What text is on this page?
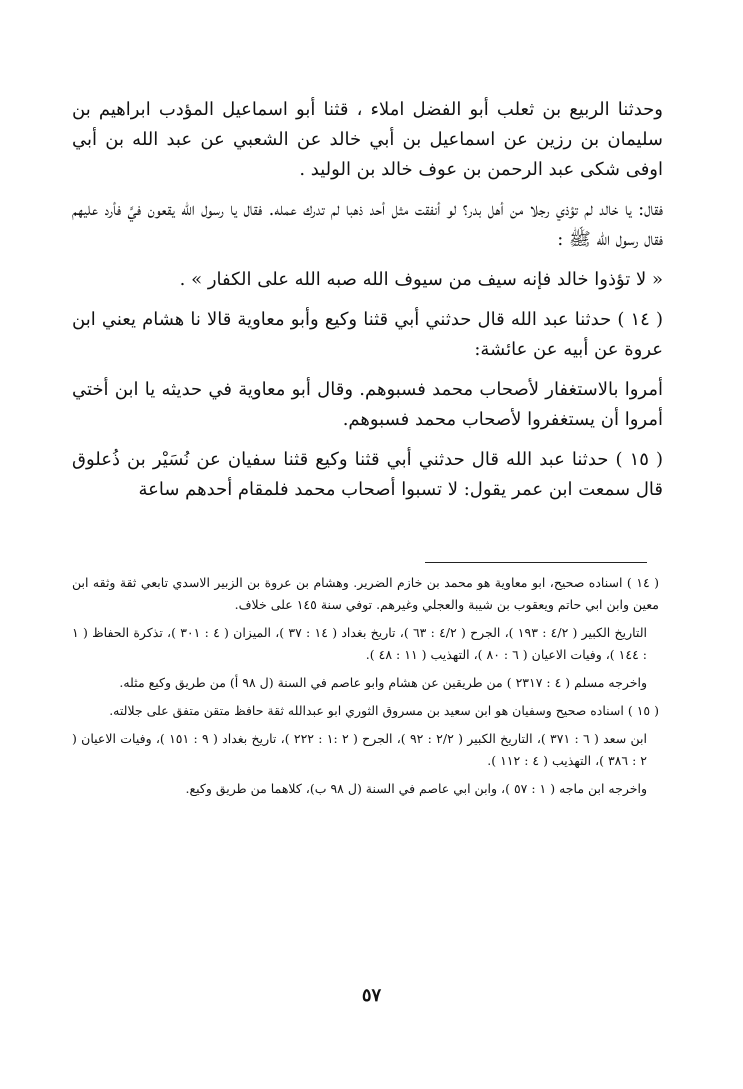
وحدثنا الربيع بن ثعلب أبو الفضل املاء ، قثنا أبو اسماعيل المؤدب ابراهيم بن سليمان بن رزين عن اسماعيل بن أبي خالد عن الشعبي عن عبد الله بن أبي اوفى شكى عبد الرحمن بن عوف خالد بن الوليد .

فقال: يا خالد لم تؤذي رجلا من أهل بدر؟ لو أنفقت مثل أحد ذهبا لم تدرك عمله. فقال يا رسول الله يقعون فيَّ فأرد عليهم فقال رسول الله ﷺ :

« لا تؤذوا خالد فإنه سيف من سيوف الله صبه الله على الكفار » .

( ١٤ ) حدثنا عبد الله قال حدثني أبي قثنا وكيع وأبو معاوية قالا نا هشام يعني ابن عروة عن أبيه عن عائشة:

أمروا بالاستغفار لأصحاب محمد فسبوهم. وقال أبو معاوية في حديثه يا ابن أختي أمروا أن يستغفروا لأصحاب محمد فسبوهم.

( ١٥ ) حدثنا عبد الله قال حدثني أبي قثنا وكيع قثنا سفيان عن نُسَيْر بن ذُعلوق قال سمعت ابن عمر يقول: لا تسبوا أصحاب محمد فلمقام أحدهم ساعة

( ١٤ ) اسناده صحيح، ابو معاوية هو محمد بن خازم الضرير. وهشام بن عروة بن الزبير الاسدي تابعي ثقة وثقه ابن معين وابن ابي حاتم ويعقوب بن شيبة والعجلي وغيرهم. توفي سنة ١٤٥ على خلاف.

التاريخ الكبير ( ٤/٢ : ١٩٣ )، الجرح ( ٤/٢ : ٦٣ )، تاريخ بغداد ( ١٤ : ٣٧ )، الميزان ( ٤ : ٣٠١ )، تذكرة الحفاظ ( ١ : ١٤٤ )، وفيات الاعيان ( ٦ : ٨٠ )، التهذيب ( ١١ : ٤٨ ).

واخرجه مسلم ( ٤ : ٢٣١٧ ) من طريقين عن هشام وابو عاصم في السنة (ل ٩٨ أ) من طريق وكيع مثله.

( ١٥ ) اسناده صحيح وسفيان هو ابن سعيد بن مسروق الثوري ابو عبدالله ثقة حافظ متقن متفق على جلالته.

ابن سعد ( ٦ : ٣٧١ )، التاريخ الكبير ( ٢/٢ : ٩٢ )، الجرح ( ٢ :١ : ٢٢٢ )، تاريخ بغداد ( ٩ : ١٥١ )، وفيات الاعيان ( ٢ : ٣٨٦ )، التهذيب ( ٤ : ١١٢ ).

واخرجه ابن ماجه ( ١ : ٥٧ )، وابن ابي عاصم في السنة (ل ٩٨ ب)، كلاهما من طريق وكيع.

٥٧
